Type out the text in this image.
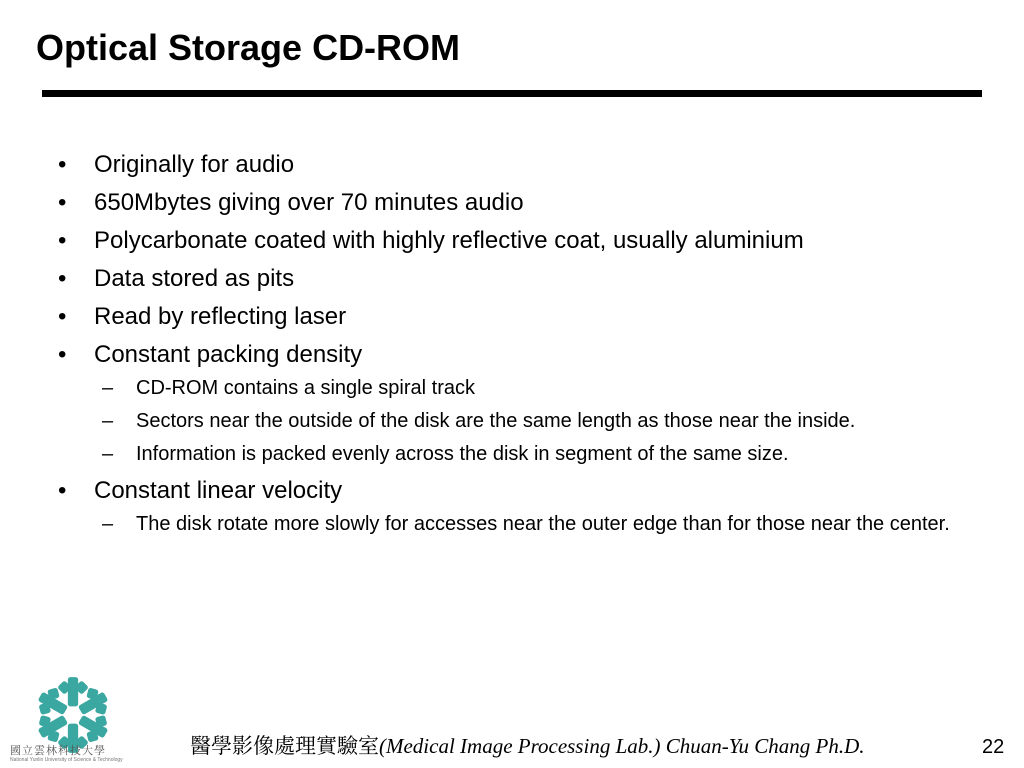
Optical Storage CD-ROM
•	Originally for audio
•	650Mbytes giving over 70 minutes audio
•	Polycarbonate coated with highly reflective coat, usually aluminium
•	Data stored as pits
•	Read by reflecting laser
•	Constant packing density
–	CD-ROM contains a single spiral track
–	Sectors near the outside of the disk are the same length as those near the inside.
–	Information is packed evenly across the disk in segment of the same size.
•	Constant linear velocity
–	The disk rotate more slowly for accesses near the outer edge than for those near the center.
國立雲林科技大學
National Yunlin University of Science & Technology
醫學影像處理實驗室(Medical Image Processing Lab.) Chuan-Yu Chang Ph.D.	22
